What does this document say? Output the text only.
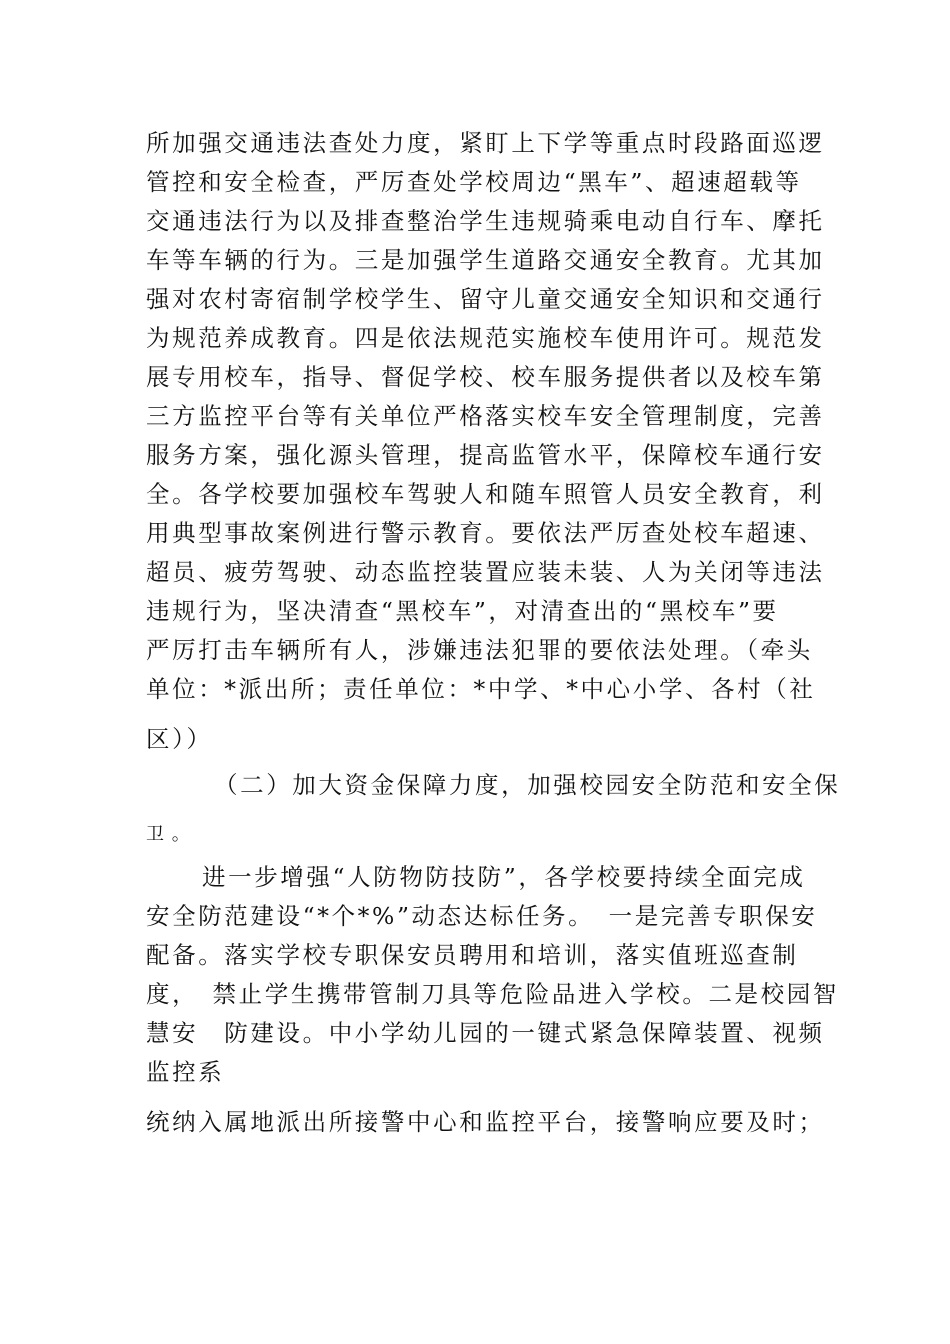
所加强交通违法查处力度，紧盯上下学等重点时段路面巡逻
管控和安全检查，严厉查处学校周边“黑车”、超速超载等
交通违法行为以及排查整治学生违规骑乘电动自行车、摩托
车等车辆的行为。三是加强学生道路交通安全教育。尤其加
强对农村寄宿制学校学生、留守儿童交通安全知识和交通行
为规范养成教育。四是依法规范实施校车使用许可。规范发
展专用校车，指导、督促学校、校车服务提供者以及校车第
三方监控平台等有关单位严格落实校车安全管理制度，完善
服务方案，强化源头管理，提高监管水平，保障校车通行安
全。各学校要加强校车驾驶人和随车照管人员安全教育，利
用典型事故案例进行警示教育。要依法严厉查处校车超速、
超员、疲劳驾驶、动态监控装置应装未装、人为关闭等违法
违规行为，坚决清查“黑校车”，对清查出的“黑校车”要
严厉打击车辆所有人，涉嫌违法犯罪的要依法处理。（牵头
单位：*派出所；责任单位：*中学、*中心小学、各村（社
区））
（二）加大资金保障力度，加强校园安全防范和安全保
卫 。
进一步增强“人防物防技防”，各学校要持续全面完成
安全防范建设“*个*%”动态达标任务。　一是完善专职保安
配备。落实学校专职保安员聘用和培训，落实值班巡查制
度，　禁止学生携带管制刀具等危险品进入学校。二是校园智
慧安　防建设。中小学幼儿园的一键式紧急保障装置、视频
监控系
统纳入属地派出所接警中心和监控平台，接警响应要及时；
